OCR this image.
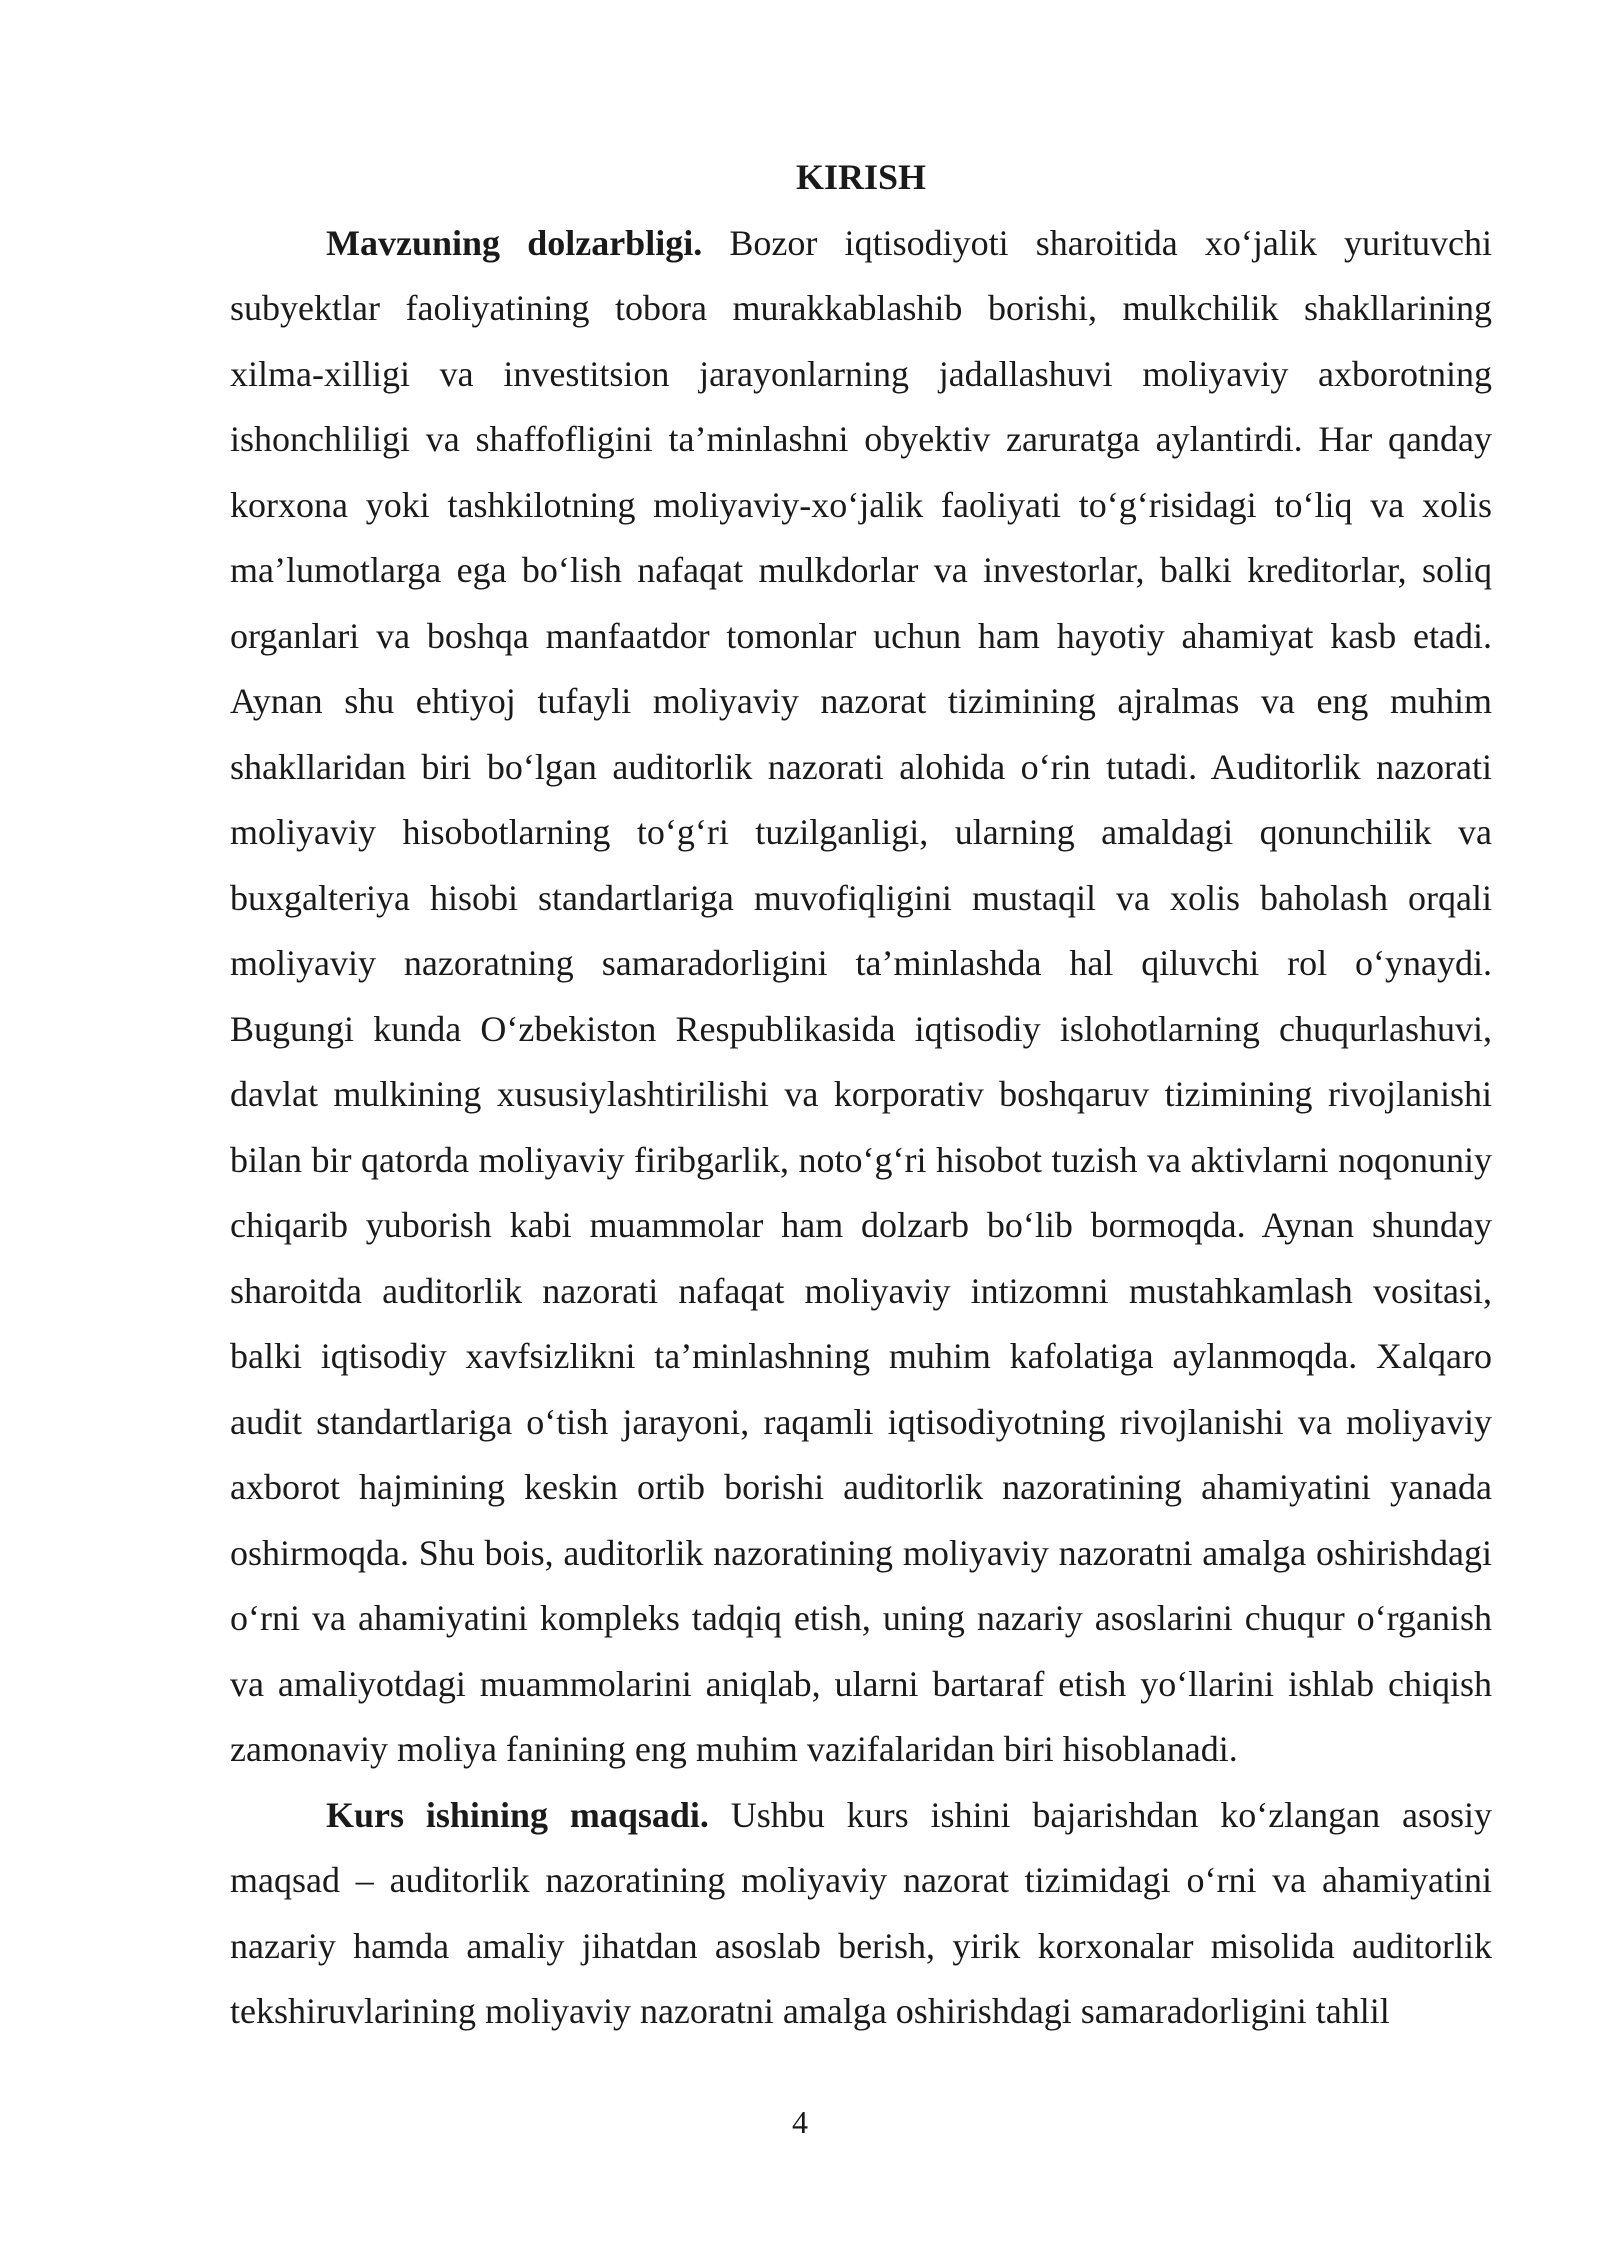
KIRISH

Mavzuning dolzarbligi. Bozor iqtisodiyoti sharoitida xo‘jalik yurituvchi subyektlar faoliyatining tobora murakkablashib borishi, mulkchilik shakllarining xilma-xilligi va investitsion jarayonlarning jadallashuvi moliyaviy axborotning ishonchliligi va shaffofligini ta’minlashni obyektiv zaruratga aylantirdi. Har qanday korxona yoki tashkilotning moliyaviy-xo‘jalik faoliyati to‘g‘risidagi to‘liq va xolis ma’lumotlarga ega bo‘lish nafaqat mulkdorlar va investorlar, balki kreditorlar, soliq organlari va boshqa manfaatdor tomonlar uchun ham hayotiy ahamiyat kasb etadi. Aynan shu ehtiyoj tufayli moliyaviy nazorat tizimining ajralmas va eng muhim shakllaridan biri bo‘lgan auditorlik nazorati alohida o‘rin tutadi. Auditorlik nazorati moliyaviy hisobotlarning to‘g‘ri tuzilganligi, ularning amaldagi qonunchilik va buxgalteriya hisobi standartlariga muvofiqligini mustaqil va xolis baholash orqali moliyaviy nazoratning samaradorligini ta’minlashda hal qiluvchi rol o‘ynaydi. Bugungi kunda O‘zbekiston Respublikasida iqtisodiy islohotlarning chuqurlashuvi, davlat mulkining xususiylashtirilishi va korporativ boshqaruv tizimining rivojlanishi bilan bir qatorda moliyaviy firibgarlik, noto‘g‘ri hisobot tuzish va aktivlarni noqonuniy chiqarib yuborish kabi muammolar ham dolzarb bo‘lib bormoqda. Aynan shunday sharoitda auditorlik nazorati nafaqat moliyaviy intizomni mustahkamlash vositasi, balki iqtisodiy xavfsizlikni ta’minlashning muhim kafolatiga aylanmoqda. Xalqaro audit standartlariga o‘tish jarayoni, raqamli iqtisodiyotning rivojlanishi va moliyaviy axborot hajmining keskin ortib borishi auditorlik nazoratining ahamiyatini yanada oshirmoqda. Shu bois, auditorlik nazoratining moliyaviy nazoratni amalga oshirishdagi o‘rni va ahamiyatini kompleks tadqiq etish, uning nazariy asoslarini chuqur o‘rganish va amaliyotdagi muammolarini aniqlab, ularni bartaraf etish yo‘llarini ishlab chiqish zamonaviy moliya fanining eng muhim vazifalaridan biri hisoblanadi.

Kurs ishining maqsadi. Ushbu kurs ishini bajarishdan ko‘zlangan asosiy maqsad – auditorlik nazoratining moliyaviy nazorat tizimidagi o‘rni va ahamiyatini nazariy hamda amaliy jihatdan asoslab berish, yirik korxonalar misolida auditorlik tekshiruvlarining moliyaviy nazoratni amalga oshirishdagi samaradorligini tahlil

4
